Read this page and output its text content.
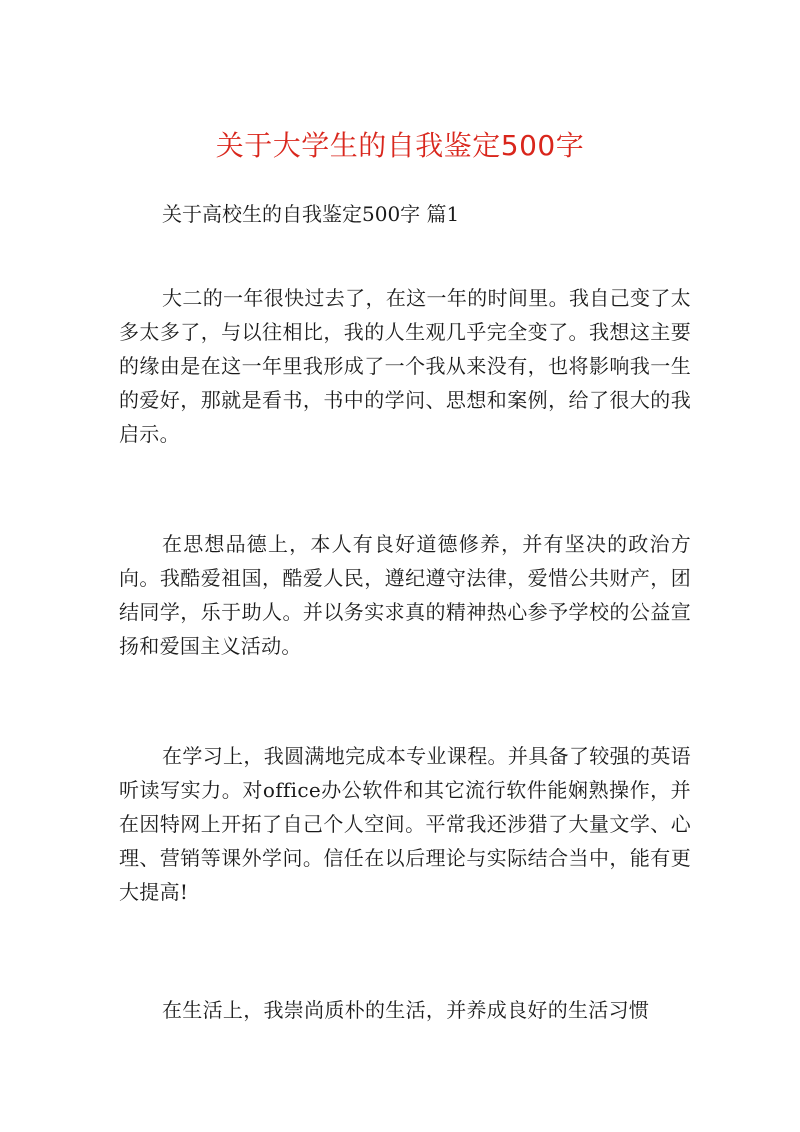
关于大学生的自我鉴定500字
关于高校生的自我鉴定500字 篇1
大二的一年很快过去了，在这一年的时间里。我自己变了太多太多了，与以往相比，我的人生观几乎完全变了。我想这主要的缘由是在这一年里我形成了一个我从来没有，也将影响我一生的爱好，那就是看书，书中的学问、思想和案例，给了很大的我启示。
在思想品德上，本人有良好道德修养，并有坚决的政治方向。我酷爱祖国，酷爱人民，遵纪遵守法律，爱惜公共财产，团结同学，乐于助人。并以务实求真的精神热心参予学校的公益宣扬和爱国主义活动。
在学习上，我圆满地完成本专业课程。并具备了较强的英语听读写实力。对office办公软件和其它流行软件能娴熟操作，并在因特网上开拓了自己个人空间。平常我还涉猎了大量文学、心理、营销等课外学问。信任在以后理论与实际结合当中，能有更大提高!
在生活上，我崇尚质朴的生活，并养成良好的生活习惯
